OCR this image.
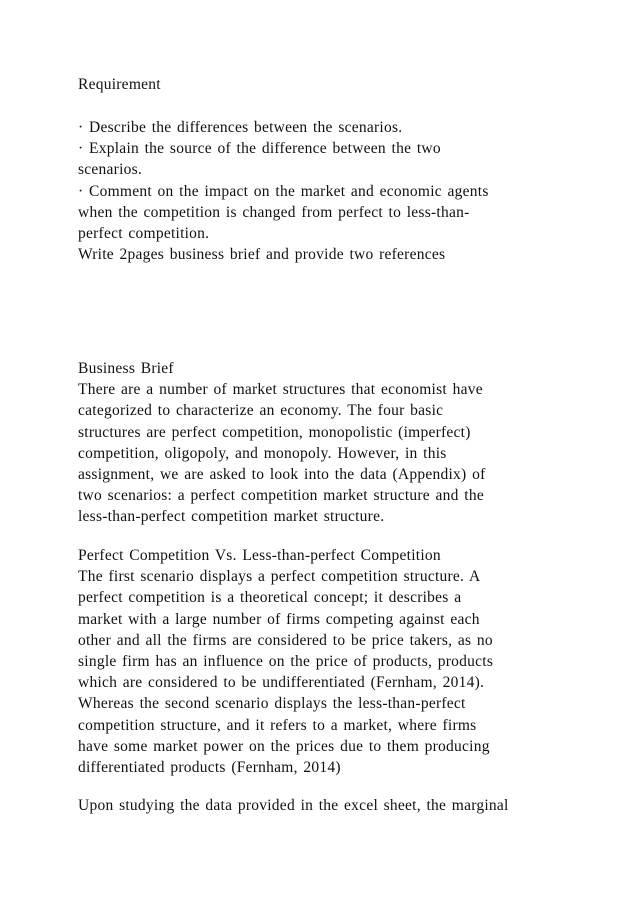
Requirement
· Describe the differences between the scenarios.
· Explain the source of the difference between the two
scenarios.
· Comment on the impact on the market and economic agents
when the competition is changed from perfect to less-than-
perfect competition.
Write 2pages business brief and provide two references
Business Brief
There are a number of market structures that economist have
categorized to characterize an economy. The four basic
structures are perfect competition, monopolistic (imperfect)
competition, oligopoly, and monopoly. However, in this
assignment, we are asked to look into the data (Appendix) of
two scenarios: a perfect competition market structure and the
less-than-perfect competition market structure.
Perfect Competition Vs. Less-than-perfect Competition
The first scenario displays a perfect competition structure. A
perfect competition is a theoretical concept; it describes a
market with a large number of firms competing against each
other and all the firms are considered to be price takers, as no
single firm has an influence on the price of products, products
which are considered to be undifferentiated (Fernham, 2014).
Whereas the second scenario displays the less-than-perfect
competition structure, and it refers to a market, where firms
have some market power on the prices due to them producing
differentiated products (Fernham, 2014)
Upon studying the data provided in the excel sheet, the marginal
